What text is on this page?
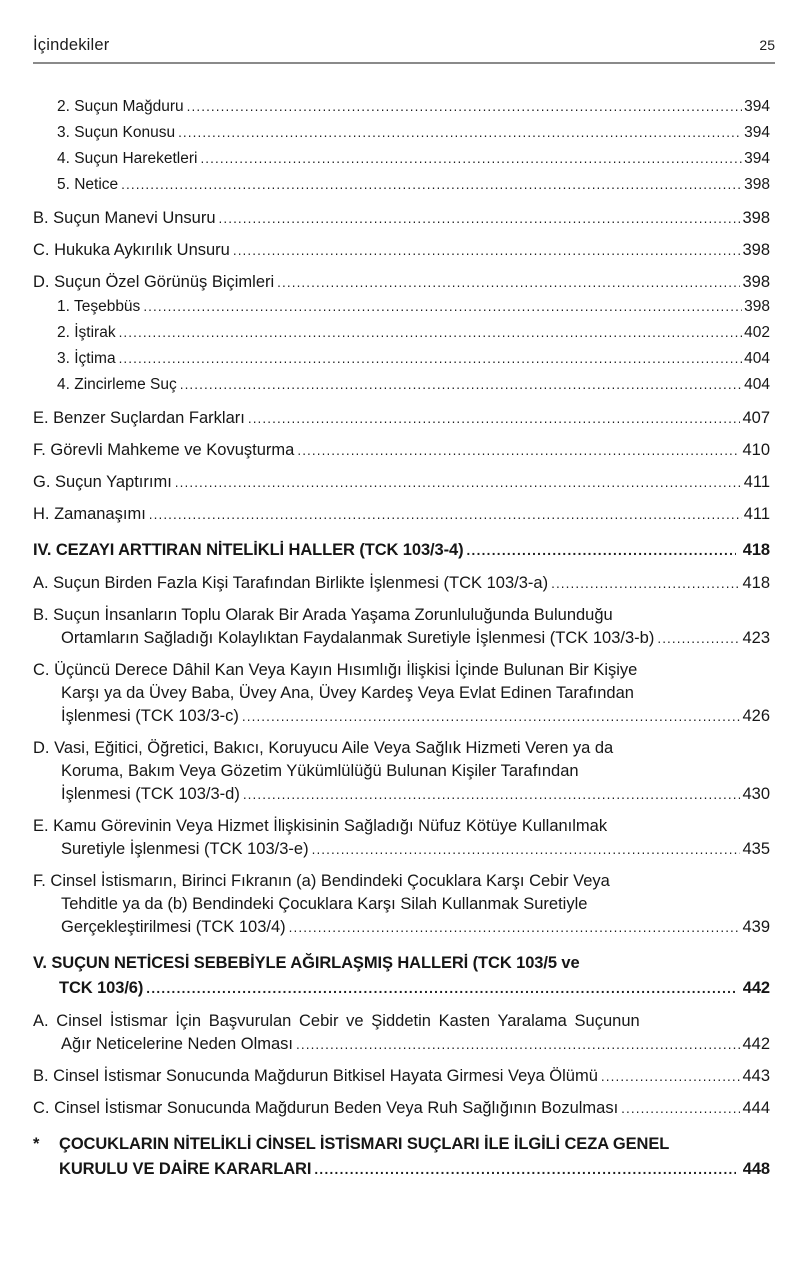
İçindekiler	25
2. Suçun Mağduru .....	394
3. Suçun Konusu .....	394
4. Suçun Hareketleri .....	394
5. Netice .....	398
B. Suçun Manevi Unsuru .....	398
C. Hukuka Aykırılık Unsuru .....	398
D. Suçun Özel Görünüş Biçimleri .....	398
1. Teşebbüs .....	398
2. İştirak .....	402
3. İçtima .....	404
4. Zincirleme Suç .....	404
E. Benzer Suçlardan Farkları .....	407
F. Görevli Mahkeme ve Kovuşturma .....	410
G. Suçun Yaptırımı .....	411
H. Zamanaşımı .....	411
IV. CEZAYI ARTTIRAN NİTELİKLİ HALLER (TCK 103/3-4) .....	418
A. Suçun Birden Fazla Kişi Tarafından Birlikte İşlenmesi (TCK 103/3-a) .....	418
B. Suçun İnsanların Toplu Olarak Bir Arada Yaşama Zorunluluğunda Bulunduğu
Ortamların Sağladığı Kolaylıktan Faydalanmak Suretiyle İşlenmesi (TCK 103/3-b) .....	423
C. Üçüncü Derece Dâhil Kan Veya Kayın Hısımlığı İlişkisi İçinde Bulunan Bir Kişiye
Karşı ya da Üvey Baba, Üvey Ana, Üvey Kardeş Veya Evlat Edinen Tarafından
İşlenmesi (TCK 103/3-c) .....	426
D. Vasi, Eğitici, Öğretici, Bakıcı, Koruyucu Aile Veya Sağlık Hizmeti Veren ya da
Koruma, Bakım Veya Gözetim Yükümlülüğü Bulunan Kişiler Tarafından
İşlenmesi (TCK 103/3-d) .....	430
E. Kamu Görevinin Veya Hizmet İlişkisinin Sağladığı Nüfuz Kötüye Kullanılmak
Suretiyle İşlenmesi (TCK 103/3-e) .....	435
F. Cinsel İstismarın, Birinci Fıkranın (a) Bendindeki Çocuklara Karşı Cebir Veya
Tehditle ya da (b) Bendindeki Çocuklara Karşı Silah Kullanmak Suretiyle
Gerçekleştirilmesi (TCK 103/4) .....	439
V. SUÇUN NETİCESİ SEBEBİYLE AĞIRLAŞMIŞ HALLERİ (TCK 103/5 ve
TCK 103/6) .....	442
A. Cinsel İstismar İçin Başvurulan Cebir ve Şiddetin Kasten Yaralama Suçunun
Ağır Neticelerine Neden Olması .....	442
B. Cinsel İstismar Sonucunda Mağdurun Bitkisel Hayata Girmesi Veya Ölümü .....	443
C. Cinsel İstismar Sonucunda Mağdurun Beden Veya Ruh Sağlığının Bozulması .....	444
*	ÇOCUKLARIN NİTELİKLİ CİNSEL İSTİSMARI SUÇLARI İLE İLGİLİ CEZA GENEL
KURULU VE DAİRE KARARLARI .....	448
